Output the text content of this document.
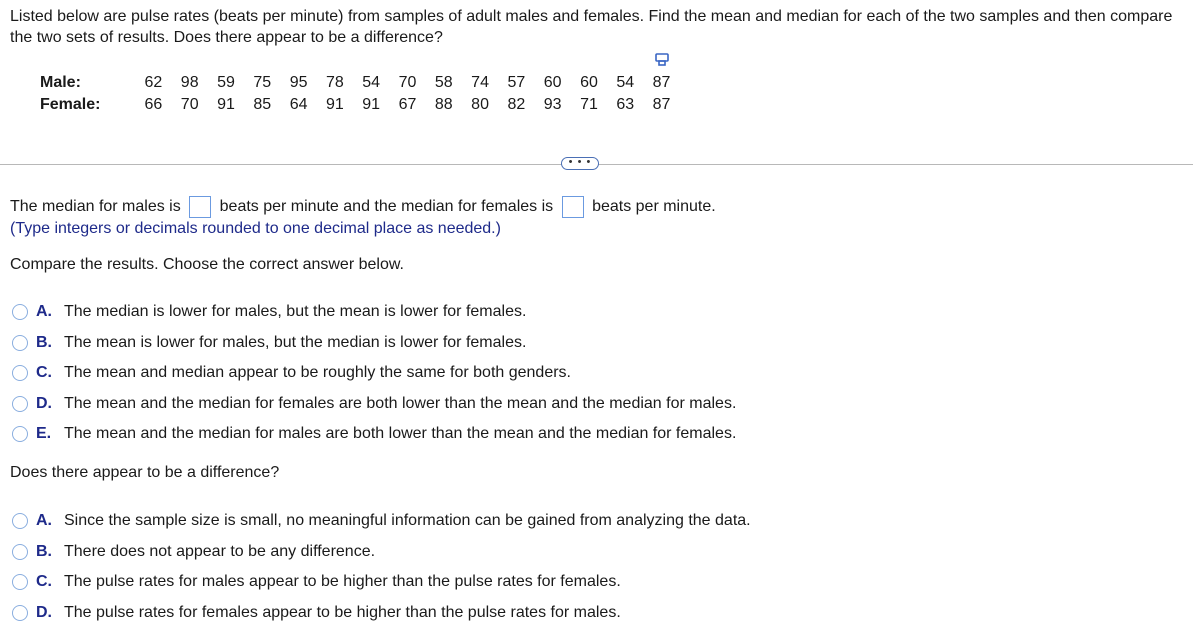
Listed below are pulse rates (beats per minute) from samples of adult males and females. Find the mean and median for each of the two samples and then compare the two sets of results. Does there appear to be a difference?

Male:	62	98	59	75	95	78	54	70	58	74	57	60	60	54	87
Female:	66	70	91	85	64	91	91	67	88	80	82	93	71	63	87
• • •
The median for males is beats per minute and the median for females is beats per minute.
(Type integers or decimals rounded to one decimal place as needed.)
Compare the results. Choose the correct answer below.
A. The median is lower for males, but the mean is lower for females.
B. The mean is lower for males, but the median is lower for females.
C. The mean and median appear to be roughly the same for both genders.
D. The mean and the median for females are both lower than the mean and the median for males.
E. The mean and the median for males are both lower than the mean and the median for females.
Does there appear to be a difference?
A. Since the sample size is small, no meaningful information can be gained from analyzing the data.
B. There does not appear to be any difference.
C. The pulse rates for males appear to be higher than the pulse rates for females.
D. The pulse rates for females appear to be higher than the pulse rates for males.
